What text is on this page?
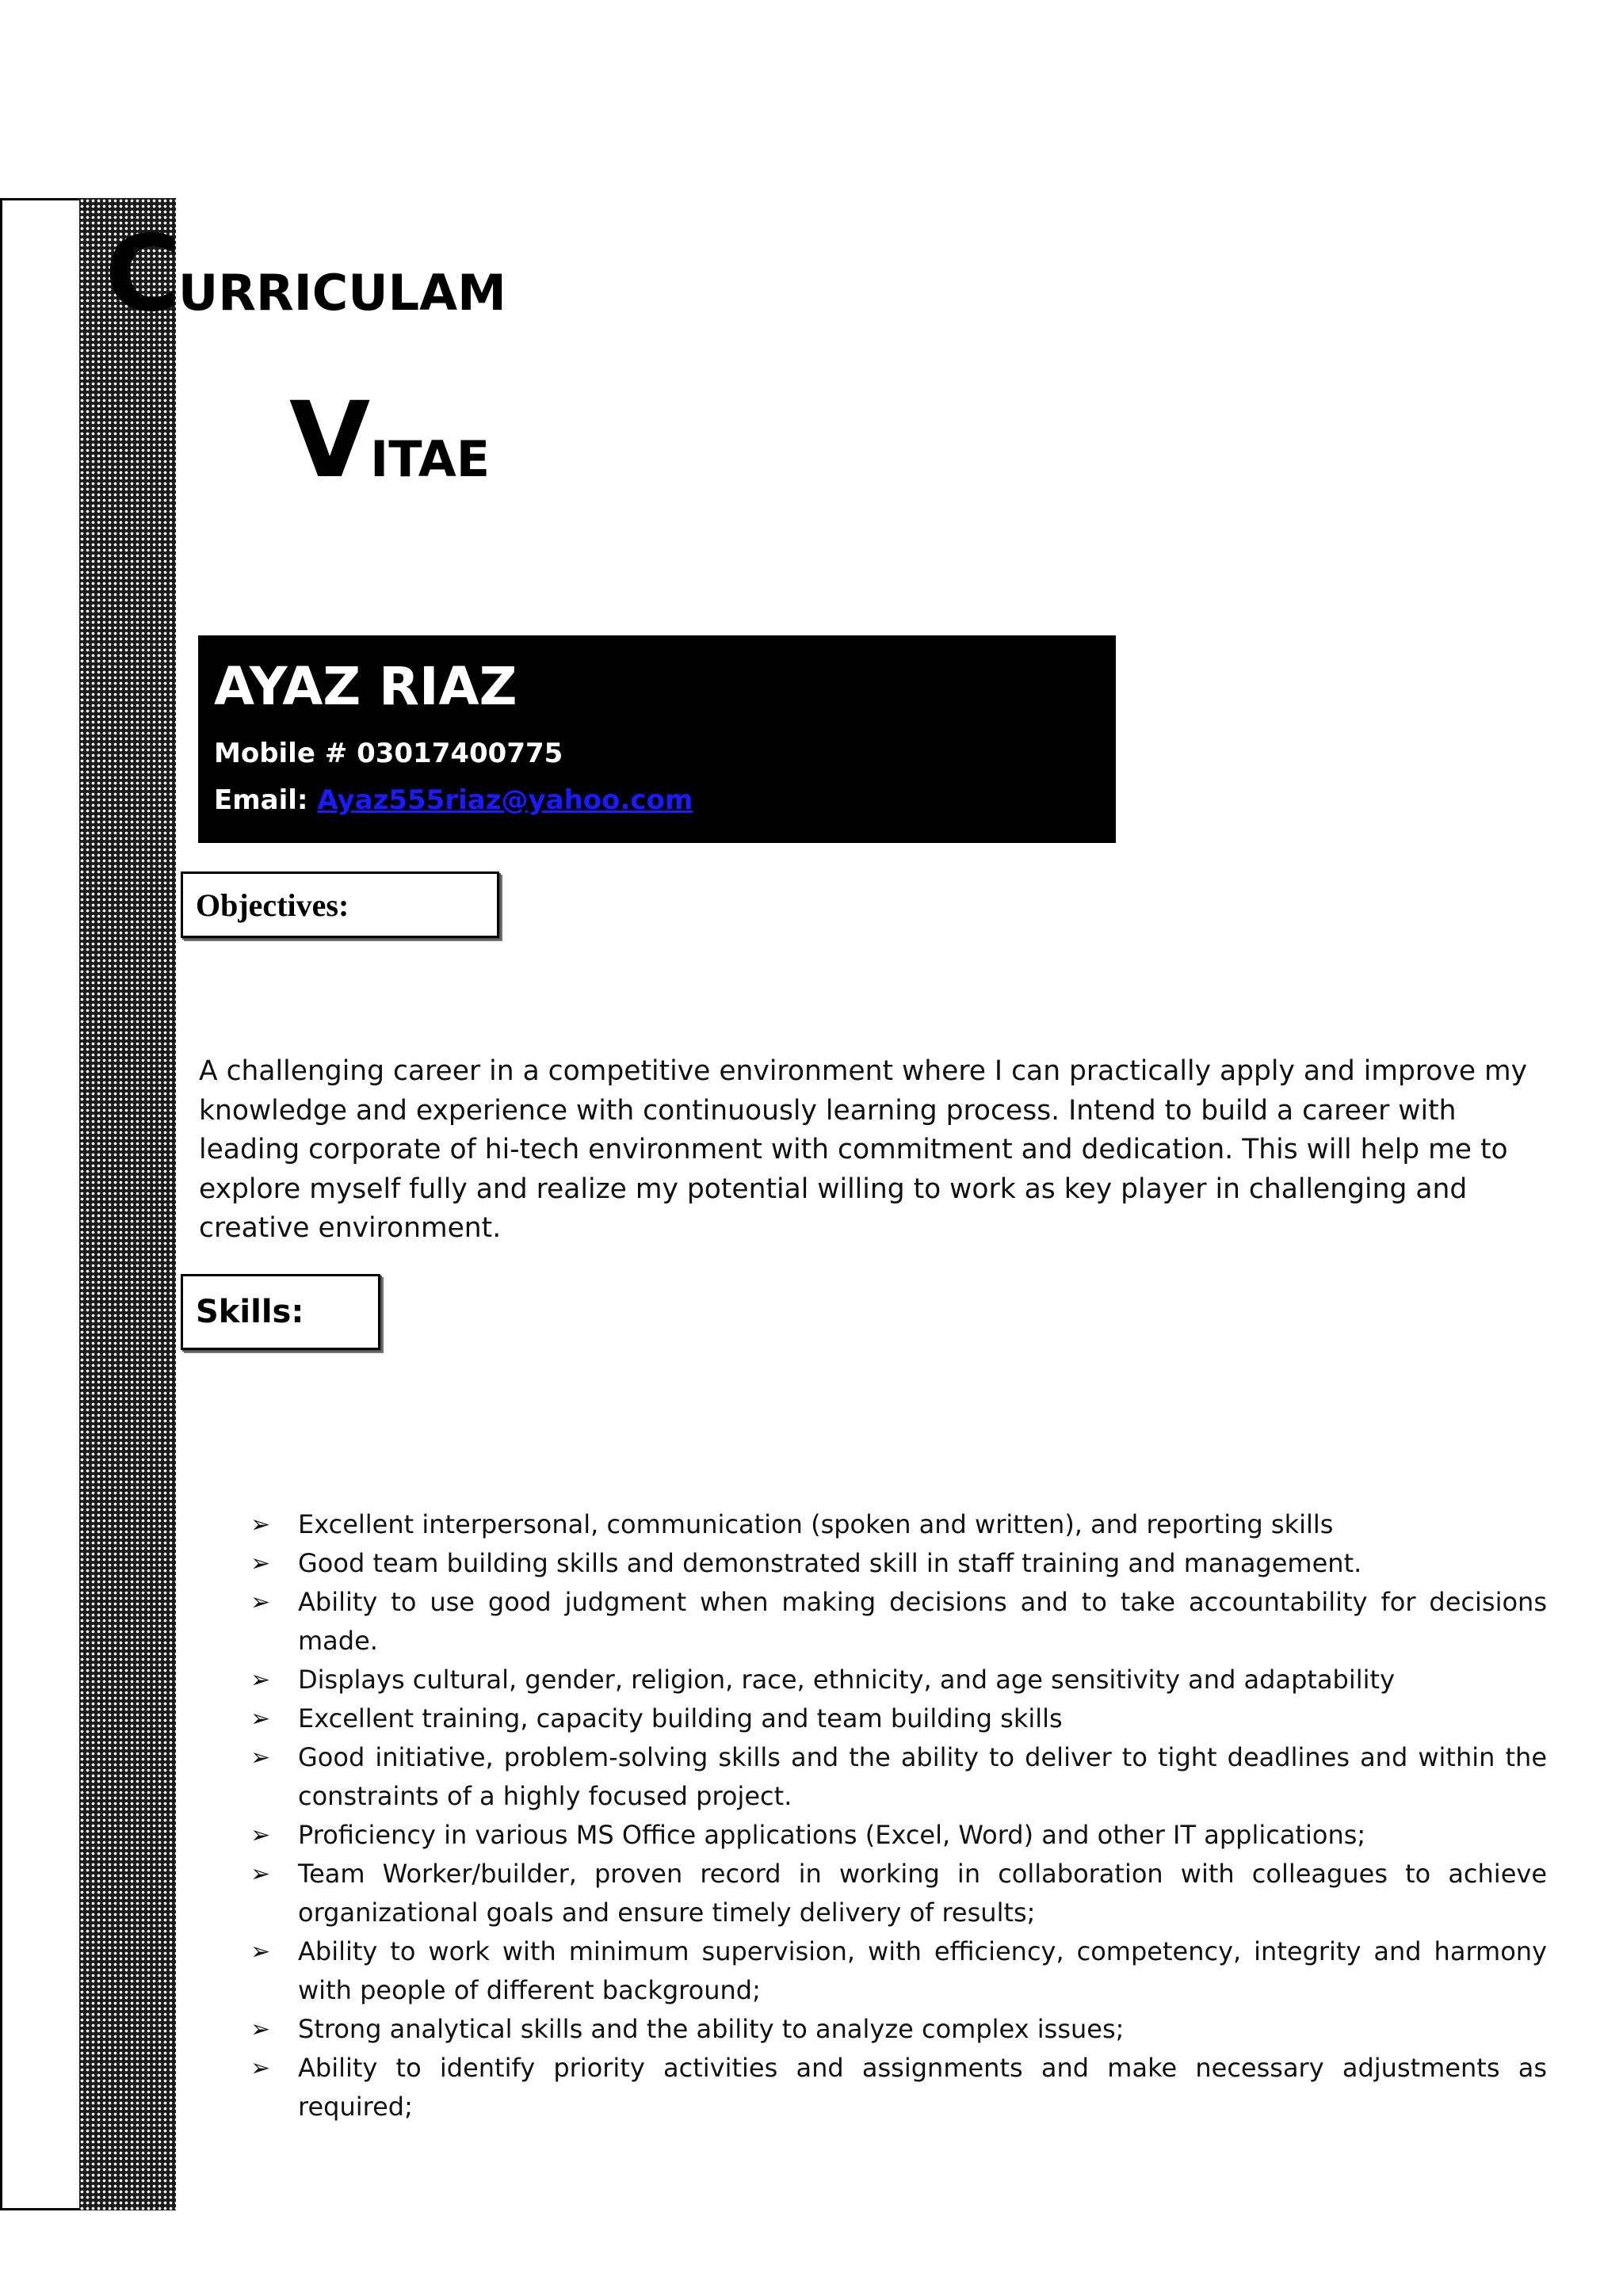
CURRICULAM
VITAE
AYAZ RIAZ
Mobile # 03017400775
Email: Ayaz555riaz@yahoo.com
Objectives:

A challenging career in a competitive environment where I can practically apply and improve my knowledge and experience with continuously learning process. Intend to build a career with leading corporate of hi-tech environment with commitment and dedication. This will help me to explore myself fully and realize my potential willing to work as key player in challenging and creative environment.

Skills:
➢ Excellent interpersonal, communication (spoken and written), and reporting skills
➢ Good team building skills and demonstrated skill in staff training and management.
➢ Ability to use good judgment when making decisions and to take accountability for decisions made.
➢ Displays cultural, gender, religion, race, ethnicity, and age sensitivity and adaptability
➢ Excellent training, capacity building and team building skills
➢ Good initiative, problem-solving skills and the ability to deliver to tight deadlines and within the constraints of a highly focused project.
➢ Proficiency in various MS Office applications (Excel, Word) and other IT applications;
➢ Team Worker/builder, proven record in working in collaboration with colleagues to achieve organizational goals and ensure timely delivery of results;
➢ Ability to work with minimum supervision, with efficiency, competency, integrity and harmony with people of different background;
➢ Strong analytical skills and the ability to analyze complex issues;
➢ Ability to identify priority activities and assignments and make necessary adjustments as required;
